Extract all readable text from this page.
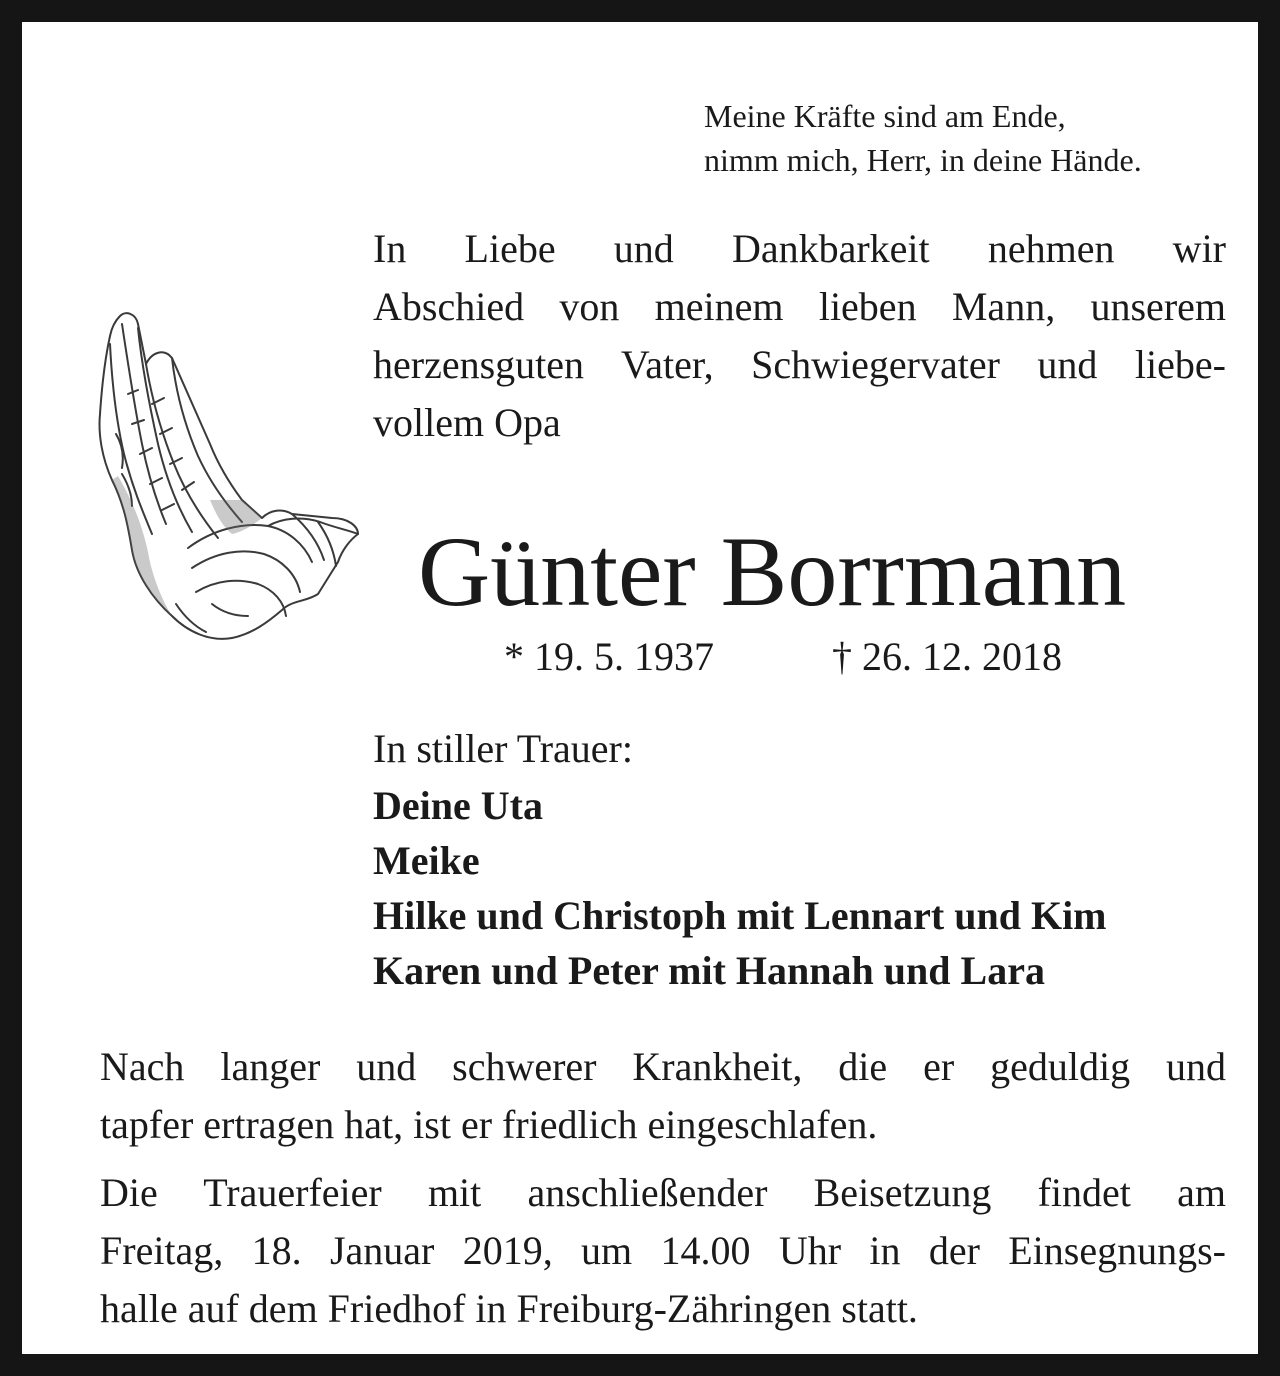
Meine Kräfte sind am Ende,
nimm mich, Herr, in deine Hände.
In Liebe und Dankbarkeit nehmen wir
Abschied von meinem lieben Mann, unserem
herzensguten Vater, Schwiegervater und liebe-
vollem Opa
Günter Borrmann
* 19. 5. 1937	† 26. 12. 2018
In stiller Trauer:
Deine Uta
Meike
Hilke und Christoph mit Lennart und Kim
Karen und Peter mit Hannah und Lara
Nach langer und schwerer Krankheit, die er geduldig und
tapfer ertragen hat, ist er friedlich eingeschlafen.
Die Trauerfeier mit anschließender Beisetzung findet am
Freitag, 18. Januar 2019, um 14.00 Uhr in der Einsegnungs-
halle auf dem Friedhof in Freiburg-Zähringen statt.
